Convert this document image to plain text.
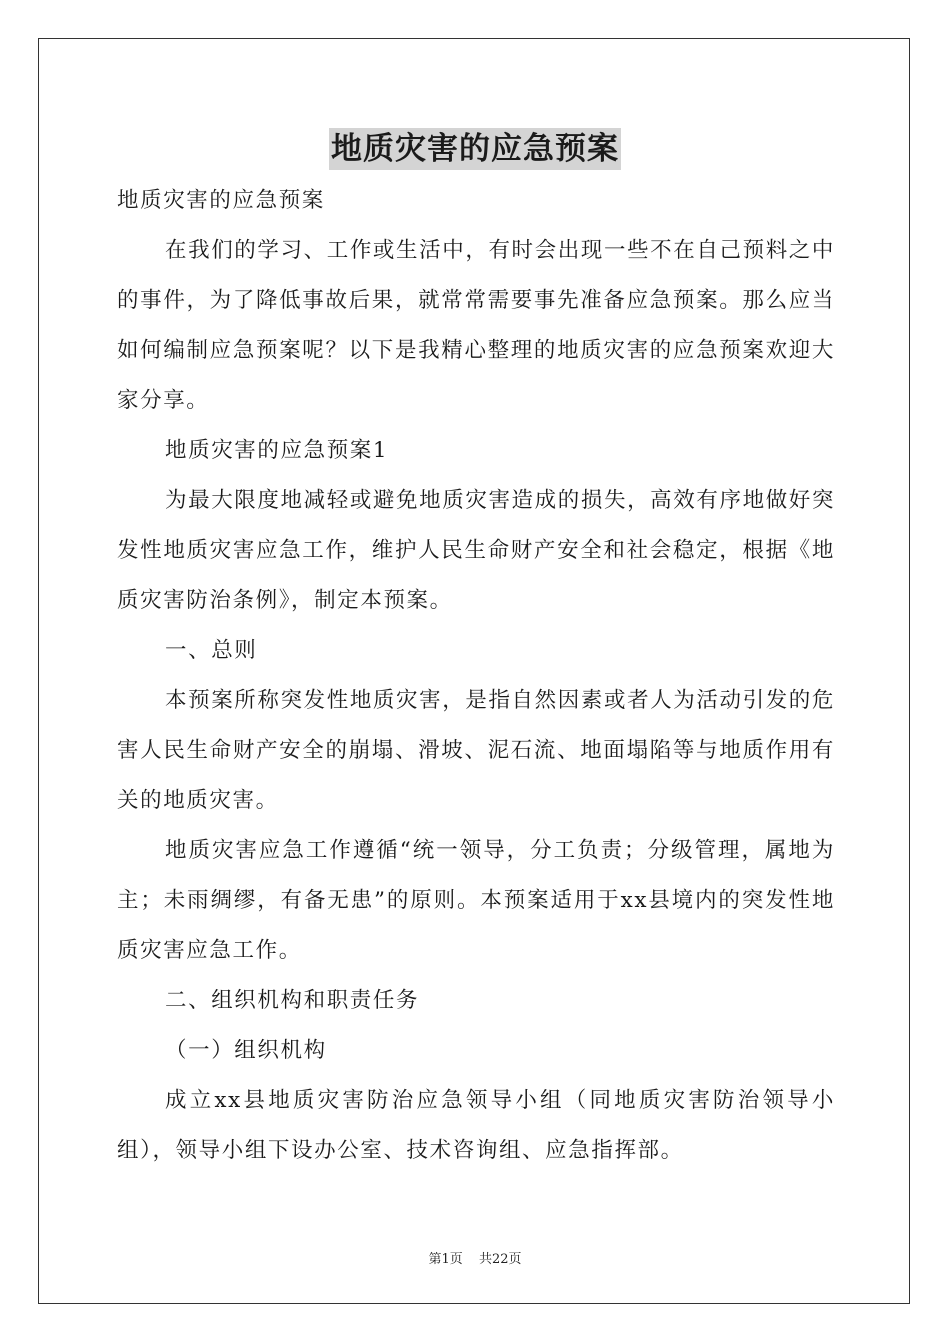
地质灾害的应急预案

地质灾害的应急预案

在我们的学习、工作或生活中，有时会出现一些不在自己预料之中的事件，为了降低事故后果，就常常需要事先准备应急预案。那么应当如何编制应急预案呢？以下是我精心整理的地质灾害的应急预案欢迎大家分享。

地质灾害的应急预案1

为最大限度地减轻或避免地质灾害造成的损失，高效有序地做好突发性地质灾害应急工作，维护人民生命财产安全和社会稳定，根据《地质灾害防治条例》，制定本预案。

一、总则

本预案所称突发性地质灾害，是指自然因素或者人为活动引发的危害人民生命财产安全的崩塌、滑坡、泥石流、地面塌陷等与地质作用有关的地质灾害。

地质灾害应急工作遵循“统一领导，分工负责；分级管理，属地为主；未雨绸缪，有备无患”的原则。本预案适用于xx县境内的突发性地质灾害应急工作。

二、组织机构和职责任务

（一）组织机构

成立xx县地质灾害防治应急领导小组（同地质灾害防治领导小组），领导小组下设办公室、技术咨询组、应急指挥部。

第1页 共22页
